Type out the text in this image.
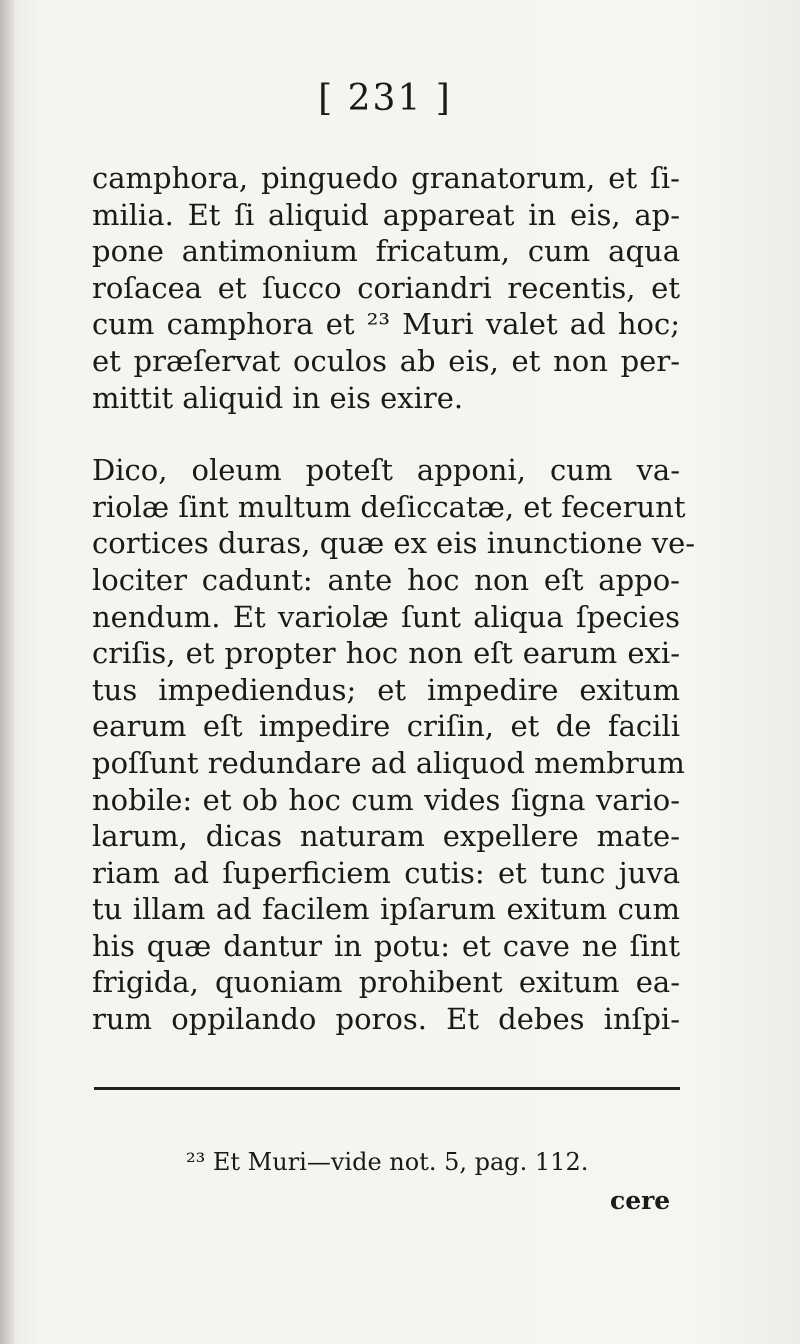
[ 231 ]
camphora, pinguedo granatorum, et ſi-
milia. Et ſi aliquid appareat in eis, ap-
pone antimonium fricatum, cum aqua
roſacea et ſucco coriandri recentis, et
cum camphora et ²³ Muri valet ad hoc;
et præſervat oculos ab eis, et non per-
mittit aliquid in eis exire.
Dico, oleum poteſt apponi, cum va-
riolæ ſint multum deſiccatæ, et fecerunt
cortices duras, quæ ex eis inunctione ve-
lociter cadunt: ante hoc non eſt appo-
nendum. Et variolæ ſunt aliqua ſpecies
criſis, et propter hoc non eſt earum exi-
tus impediendus; et impedire exitum
earum eſt impedire criſin, et de facili
poſſunt redundare ad aliquod membrum
nobile: et ob hoc cum vides ſigna vario-
larum, dicas naturam expellere mate-
riam ad ſuperficiem cutis: et tunc juva
tu illam ad facilem ipſarum exitum cum
his quæ dantur in potu: et cave ne ſint
frigida, quoniam prohibent exitum ea-
rum oppilando poros. Et debes inſpi-
²³ Et Muri—vide not. 5, pag. 112.
cere
